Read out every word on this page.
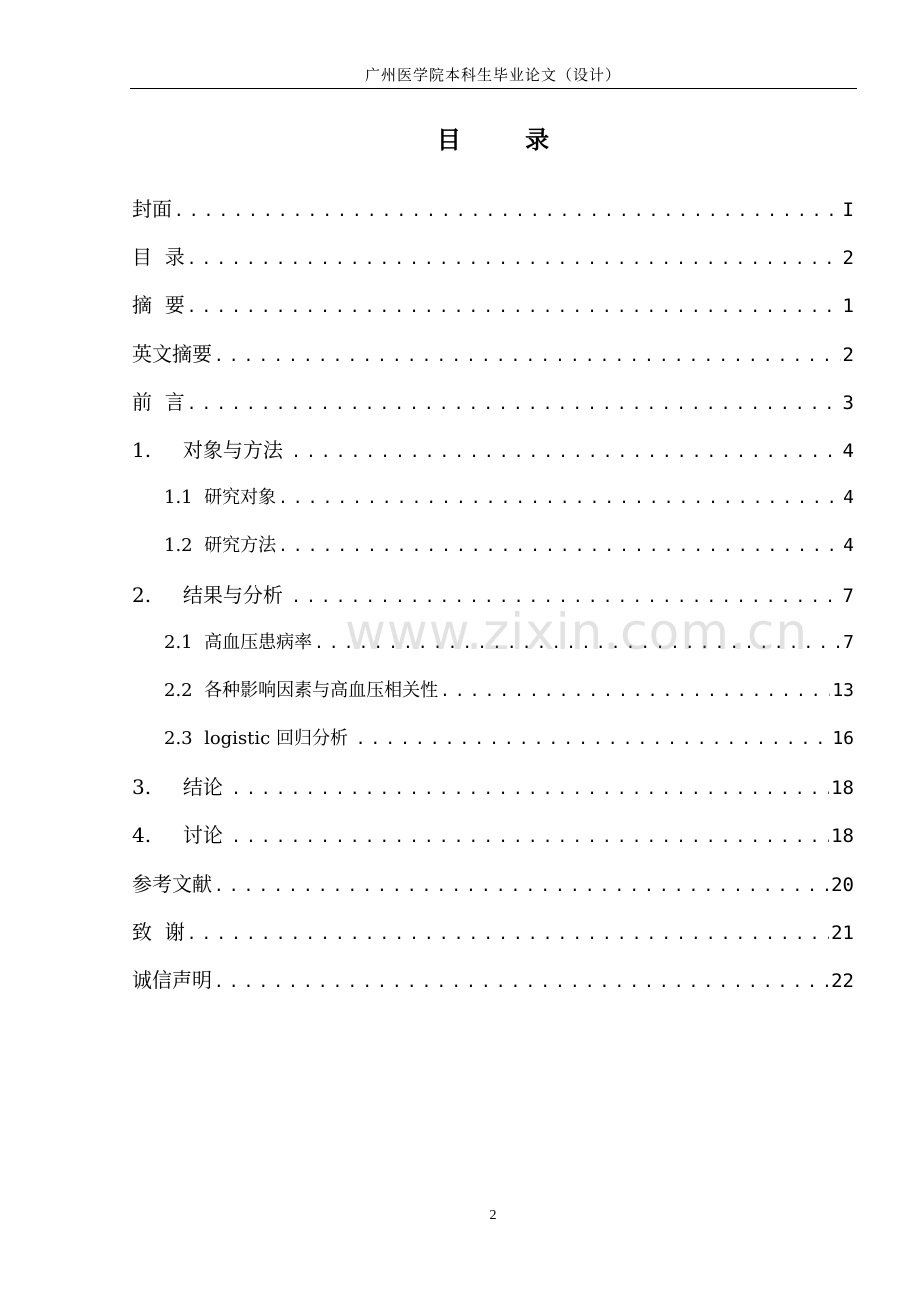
广州医学院本科生毕业论文（设计）
目 录
封面 .....	I
目  录 .....	2
摘  要 .....	1
英文摘要 .....	2
前  言 .....	3
1.     对象与方法 .....	4
1.1  研究对象 .....	4
1.2  研究方法 .....	4
2.     结果与分析 .....	7
2.1  高血压患病率 .....	7
2.2  各种影响因素与高血压相关性 .....	13
2.3  logistic 回归分析 .....	16
3.     结论 .....	18
4.     讨论 .....	18
参考文献 .....	20
致  谢 .....	21
诚信声明 .....	22
www.zixin.com.cn
2
